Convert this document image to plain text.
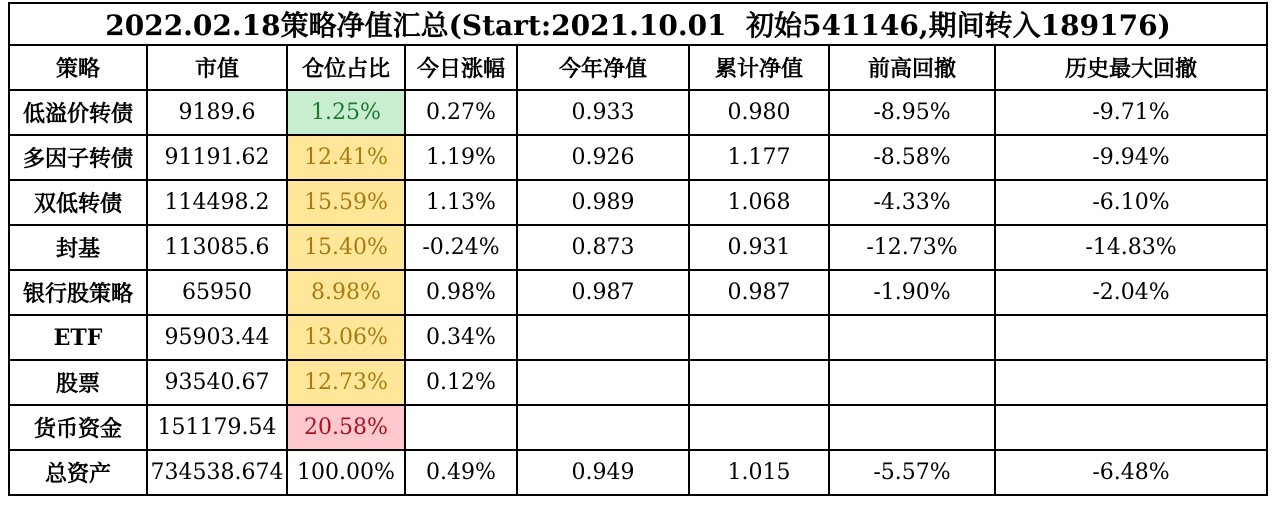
2022.02.18策略净值汇总(Start:2021.10.01  初始541146,期间转入189176)							
策略	市值	仓位占比	今日涨幅	今年净值	累计净值	前高回撤	历史最大回撤
低溢价转债	9189.6	1.25%	0.27%	0.933	0.980	-8.95%	-9.71%
多因子转债	91191.62	12.41%	1.19%	0.926	1.177	-8.58%	-9.94%
双低转债	114498.2	15.59%	1.13%	0.989	1.068	-4.33%	-6.10%
封基	113085.6	15.40%	-0.24%	0.873	0.931	-12.73%	-14.83%
银行股策略	65950	8.98%	0.98%	0.987	0.987	-1.90%	-2.04%
ETF	95903.44	13.06%	0.34%				
股票	93540.67	12.73%	0.12%				
货币资金	151179.54	20.58%					
总资产	734538.674	100.00%	0.49%	0.949	1.015	-5.57%	-6.48%
